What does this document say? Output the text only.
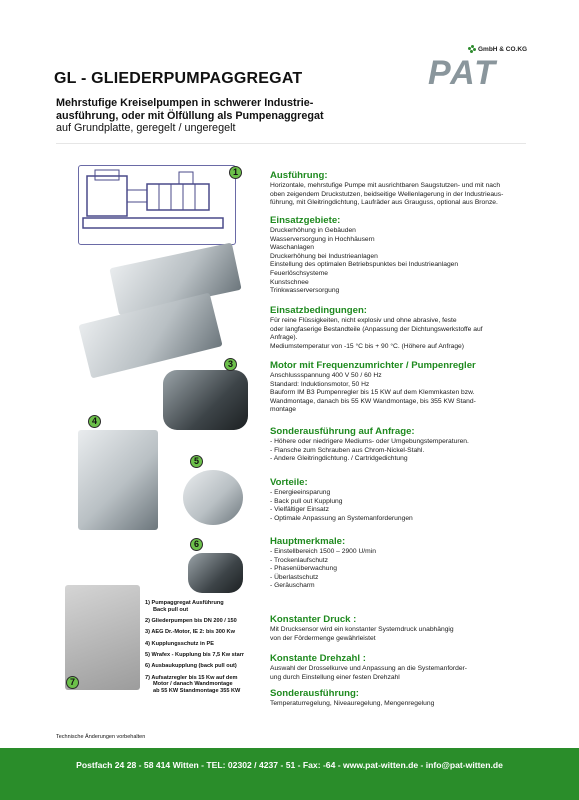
GL - GLIEDERPUMPAGGREGAT
GmbH & CO.KG
PAT
Mehrstufige Kreiselpumpen in schwerer Industrie-
ausführung, oder mit Ölfüllung als Pumpenaggregat
auf Grundplatte, geregelt / ungeregelt
1
3
4
5
6
7
1) Pumpaggregat Ausführung
Back pull out
2) Gliederpumpen bis DN 200 / 150
3) AEG Dr.-Motor, IE 2: bis 300 Kw
4) Kupplungsschutz in PE
5) Wrafex - Kupplung bis 7,5 Kw starr
6) Ausbaukupplung (back pull out)
7) Aufsatzregler bis 15 Kw auf dem
Motor / danach Wandmontage
ab 55 KW Standmontage 355 KW
Technische Änderungen vorbehalten
Ausführung:

Horizontale, mehrstufige Pumpe mit ausrichtbaren Saugstutzen- und mit nach

oben zeigendem Druckstutzen, beidseitige Wellenlagerung in der Industrieaus-

führung, mit Gleitringdichtung, Laufräder aus Grauguss, optional aus Bronze.

Einsatzgebiete:

Druckerhöhung in Gebäuden

Wasserversorgung in Hochhäusern

Waschanlagen

Druckerhöhung bei Industrieanlagen

Einstellung des optimalen Betriebspunktes bei Industrieanlagen

Feuerlöschsysteme

Kunstschnee

Trinkwasserversorgung

Einsatzbedingungen:

Für reine Flüssigkeiten, nicht explosiv und ohne abrasive, feste

oder langfaserige Bestandteile (Anpassung der Dichtungswerkstoffe auf

Anfrage).

Mediumstemperatur von -15 °C bis + 90 °C. (Höhere auf Anfrage)

Motor mit Frequenzumrichter / Pumpenregler

Anschlussspannung 400 V 50 / 60 Hz

Standard: Induktionsmotor, 50 Hz

Bauform IM B3 Pumpenregler bis 15 KW auf dem Klemmkasten bzw.

Wandmontage, danach bis 55 KW Wandmontage, bis 355 KW Stand-

montage

Sonderausführung auf Anfrage:

- Höhere oder niedrigere Mediums- oder Umgebungstemperaturen.

- Flansche zum Schrauben aus Chrom-Nickel-Stahl.

- Andere Gleitringdichtung. / Cartridgedichtung

Vorteile:

- Energieeinsparung

- Back pull out Kupplung

- Vielfältiger Einsatz

- Optimale Anpassung an Systemanforderungen

Hauptmerkmale:

- Einstellbereich 1500 – 2900 U/min

- Trockenlaufschutz

- Phasenüberwachung

- Überlastschutz

- Geräuscharm

Konstanter Druck :

Mit Drucksensor wird ein konstanter Systemdruck unabhängig

von der Fördermenge gewährleistet

Konstante Drehzahl :

Auswahl der Drosselkurve und Anpassung an die Systemanforder-

ung durch Einstellung einer festen Drehzahl

Sonderausführung:

Temperaturregelung, Niveauregelung, Mengenregelung

Postfach 24 28 - 58 414 Witten - TEL: 02302 / 4237 - 51 - Fax: -64 - www.pat-witten.de - info@pat-witten.de
